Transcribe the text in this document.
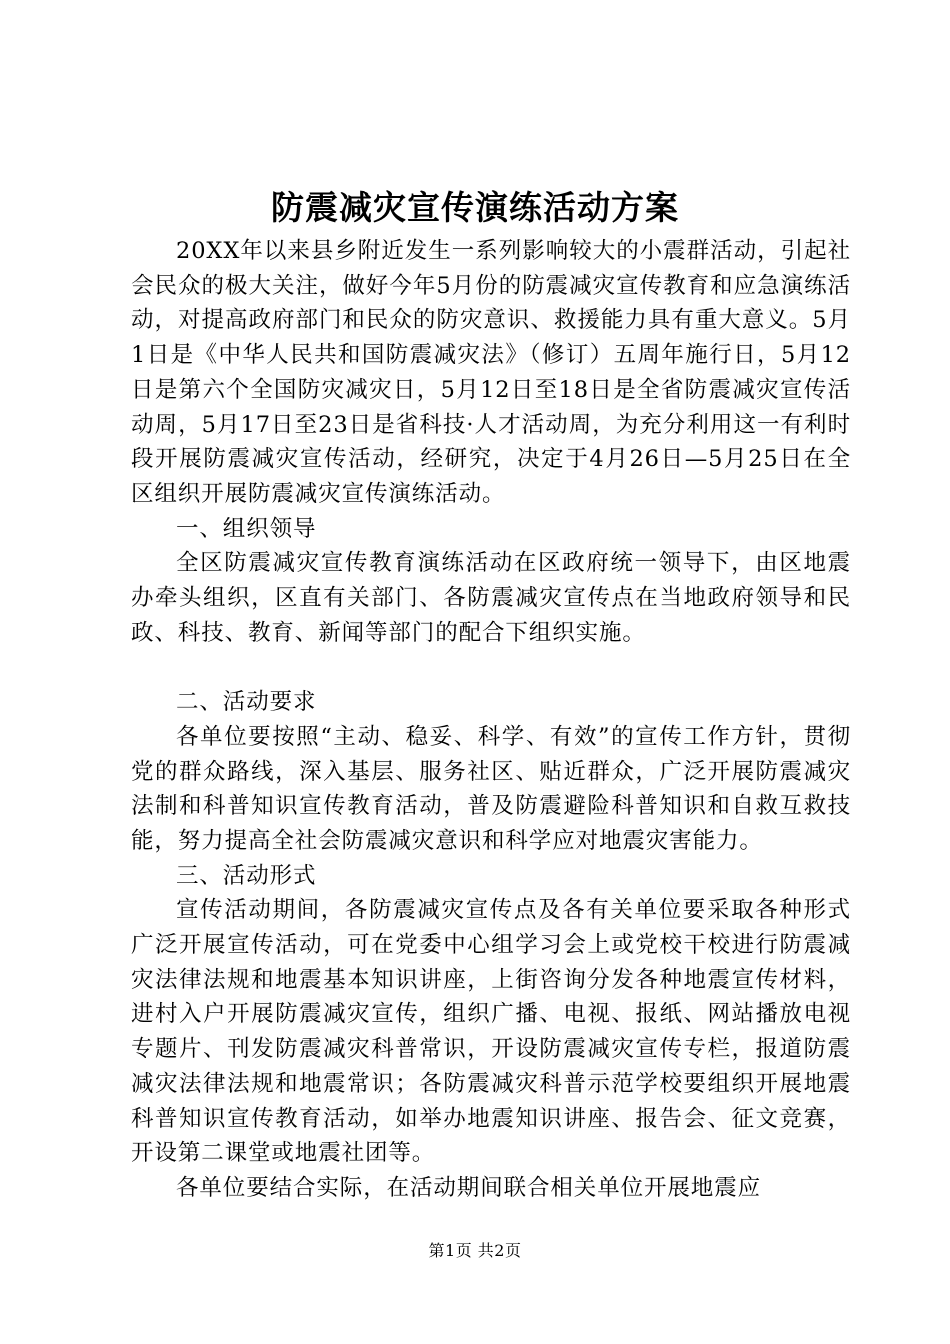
防震减灾宣传演练活动方案

20XX年以来县乡附近发生一系列影响较大的小震群活动，引起社会民众的极大关注，做好今年5月份的防震减灾宣传教育和应急演练活动，对提高政府部门和民众的防灾意识、救援能力具有重大意义。5月1日是《中华人民共和国防震减灾法》（修订）五周年施行日，5月12日是第六个全国防灾减灾日，5月12日至18日是全省防震减灾宣传活动周，5月17日至23日是省科技·人才活动周，为充分利用这一有利时段开展防震减灾宣传活动，经研究，决定于4月26日—5月25日在全区组织开展防震减灾宣传演练活动。

一、组织领导

全区防震减灾宣传教育演练活动在区政府统一领导下，由区地震办牵头组织，区直有关部门、各防震减灾宣传点在当地政府领导和民政、科技、教育、新闻等部门的配合下组织实施。

二、活动要求

各单位要按照“主动、稳妥、科学、有效”的宣传工作方针，贯彻党的群众路线，深入基层、服务社区、贴近群众，广泛开展防震减灾法制和科普知识宣传教育活动，普及防震避险科普知识和自救互救技能，努力提高全社会防震减灾意识和科学应对地震灾害能力。

三、活动形式

宣传活动期间，各防震减灾宣传点及各有关单位要采取各种形式广泛开展宣传活动，可在党委中心组学习会上或党校干校进行防震减灾法律法规和地震基本知识讲座，上街咨询分发各种地震宣传材料，进村入户开展防震减灾宣传，组织广播、电视、报纸、网站播放电视专题片、刊发防震减灾科普常识，开设防震减灾宣传专栏，报道防震减灾法律法规和地震常识；各防震减灾科普示范学校要组织开展地震科普知识宣传教育活动，如举办地震知识讲座、报告会、征文竞赛，开设第二课堂或地震社团等。

各单位要结合实际，在活动期间联合相关单位开展地震应

第1页 共2页
